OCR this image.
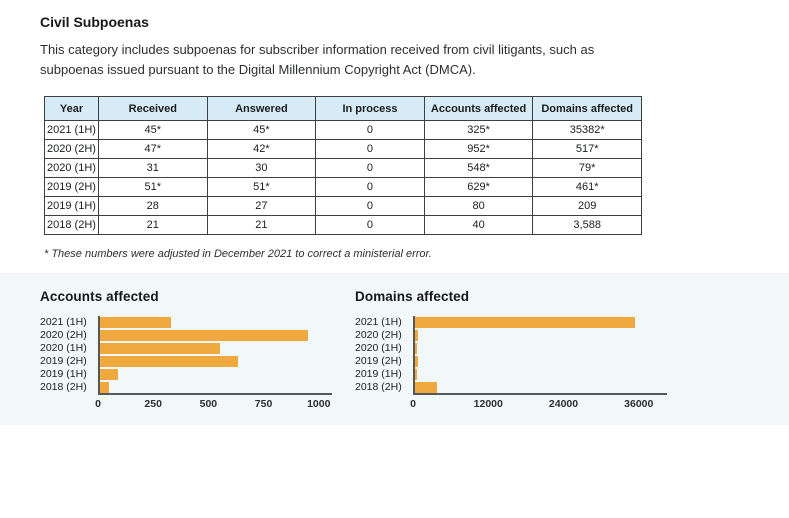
Civil Subpoenas

This category includes subpoenas for subscriber information received from civil litigants, such as subpoenas issued pursuant to the Digital Millennium Copyright Act (DMCA).

Year	Received	Answered	In process	Accounts affected	Domains affected
2021 (1H)	45*	45*	0	325*	35382*
2020 (2H)	47*	42*	0	952*	517*
2020 (1H)	31	30	0	548*	79*
2019 (2H)	51*	51*	0	629*	461*
2019 (1H)	28	27	0	80	209
2018 (2H)	21	21	0	40	3,588

* These numbers were adjusted in December 2021 to correct a ministerial error.

Accounts affected
2021 (1H)
2020 (2H)
2020 (1H)
2019 (2H)
2019 (1H)
2018 (2H)
0	250	500	750	1000
Domains affected
2021 (1H)
2020 (2H)
2020 (1H)
2019 (2H)
2019 (1H)
2018 (2H)
0	12000	24000	36000
